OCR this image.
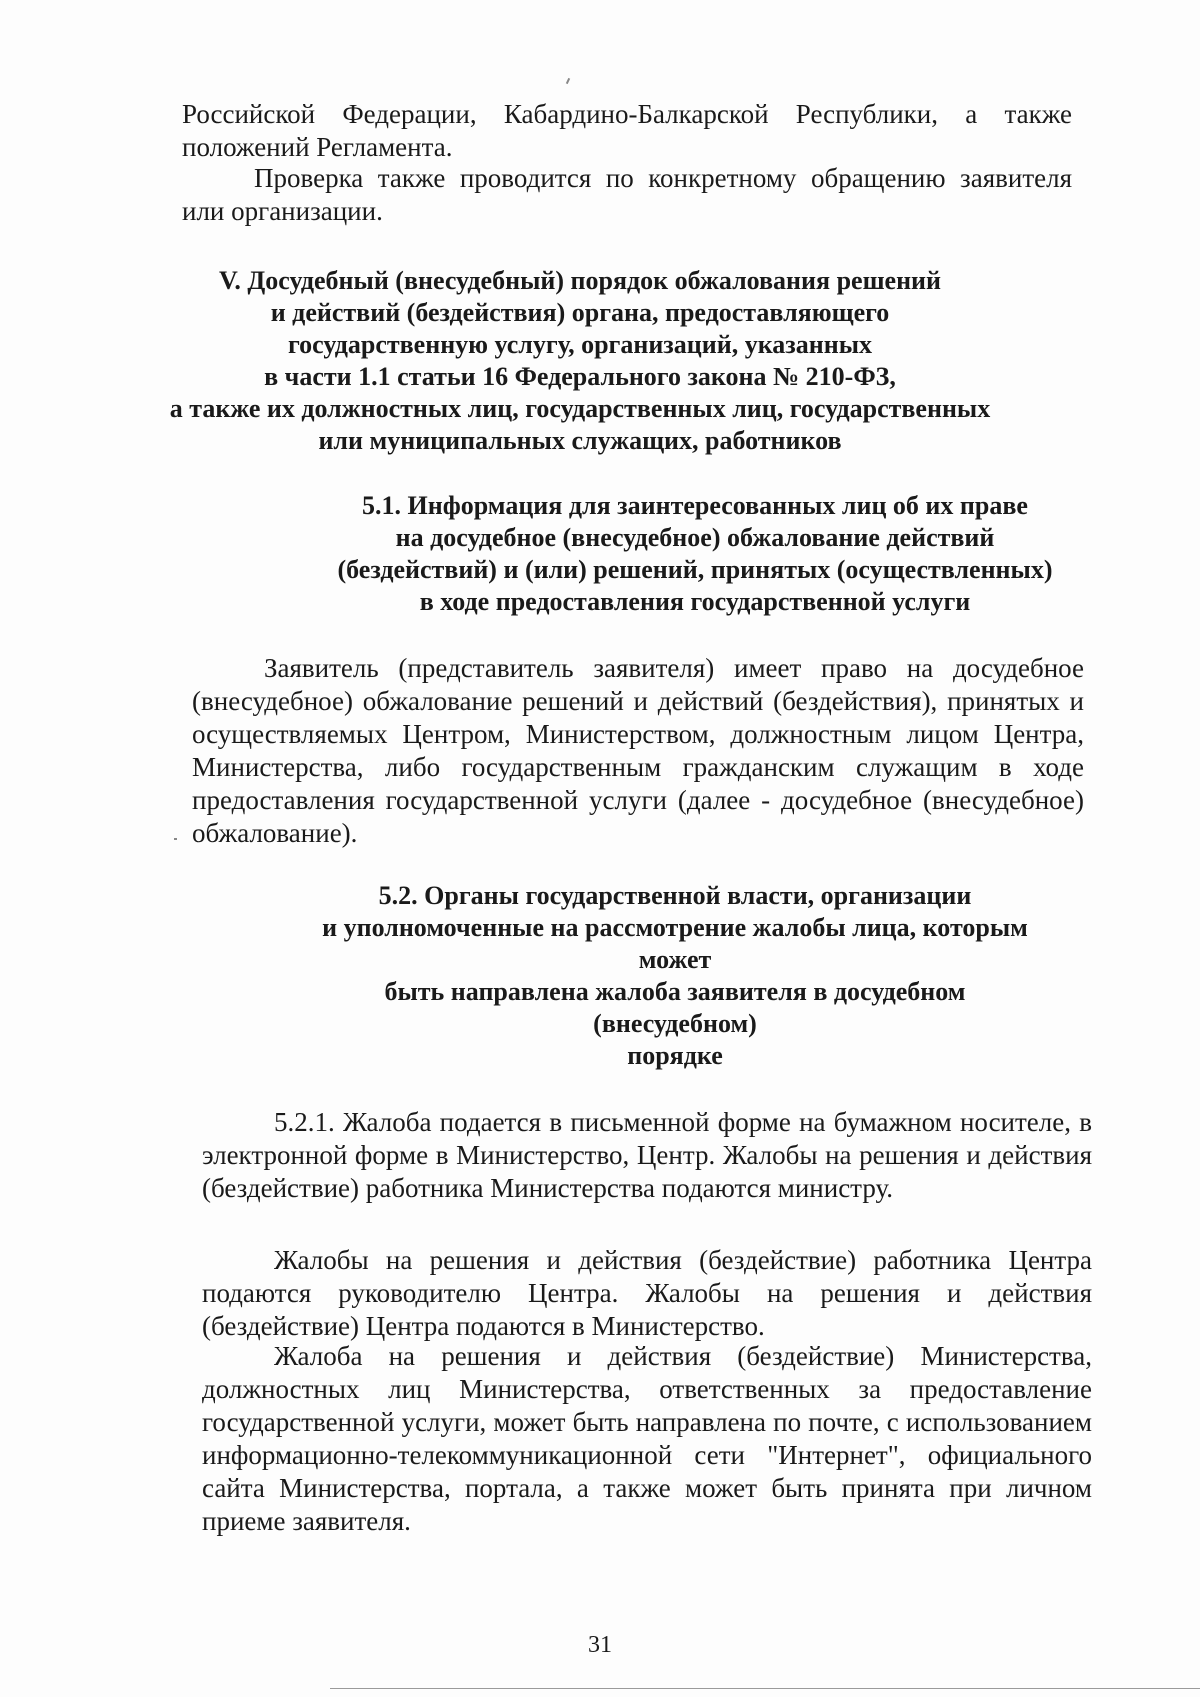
Российской Федерации, Кабардино-Балкарской Республики, а также положений Регламента.

Проверка также проводится по конкретному обращению заявителя или организации.

V. Досудебный (внесудебный) порядок обжалования решений
и действий (бездействия) органа, предоставляющего
государственную услугу, организаций, указанных
в части 1.1 статьи 16 Федерального закона № 210-ФЗ,
а также их должностных лиц, государственных лиц, государственных
или муниципальных служащих, работников
5.1. Информация для заинтересованных лиц об их праве
на досудебное (внесудебное) обжалование действий
(бездействий) и (или) решений, принятых (осуществленных)
в ходе предоставления государственной услуги

Заявитель (представитель заявителя) имеет право на досудебное (внесудебное) обжалование решений и действий (бездействия), принятых и осуществляемых Центром, Министерством, должностным лицом Центра, Министерства, либо государственным гражданским служащим в ходе предоставления государственной услуги (далее - досудебное (внесудебное) обжалование).

5.2. Органы государственной власти, организации
и уполномоченные на рассмотрение жалобы лица, которым
может
быть направлена жалоба заявителя в досудебном
(внесудебном)
порядке

5.2.1. Жалоба подается в письменной форме на бумажном носителе, в электронной форме в Министерство, Центр. Жалобы на решения и действия (бездействие) работника Министерства подаются министру.

Жалобы на решения и действия (бездействие) работника Центра подаются руководителю Центра. Жалобы на решения и действия (бездействие) Центра подаются в Министерство.

Жалоба на решения и действия (бездействие) Министерства, должностных лиц Министерства, ответственных за предоставление государственной услуги, может быть направлена по почте, с использованием информационно-телекоммуникационной сети "Интернет", официального сайта Министерства, портала, а также может быть принята при личном приеме заявителя.

31
